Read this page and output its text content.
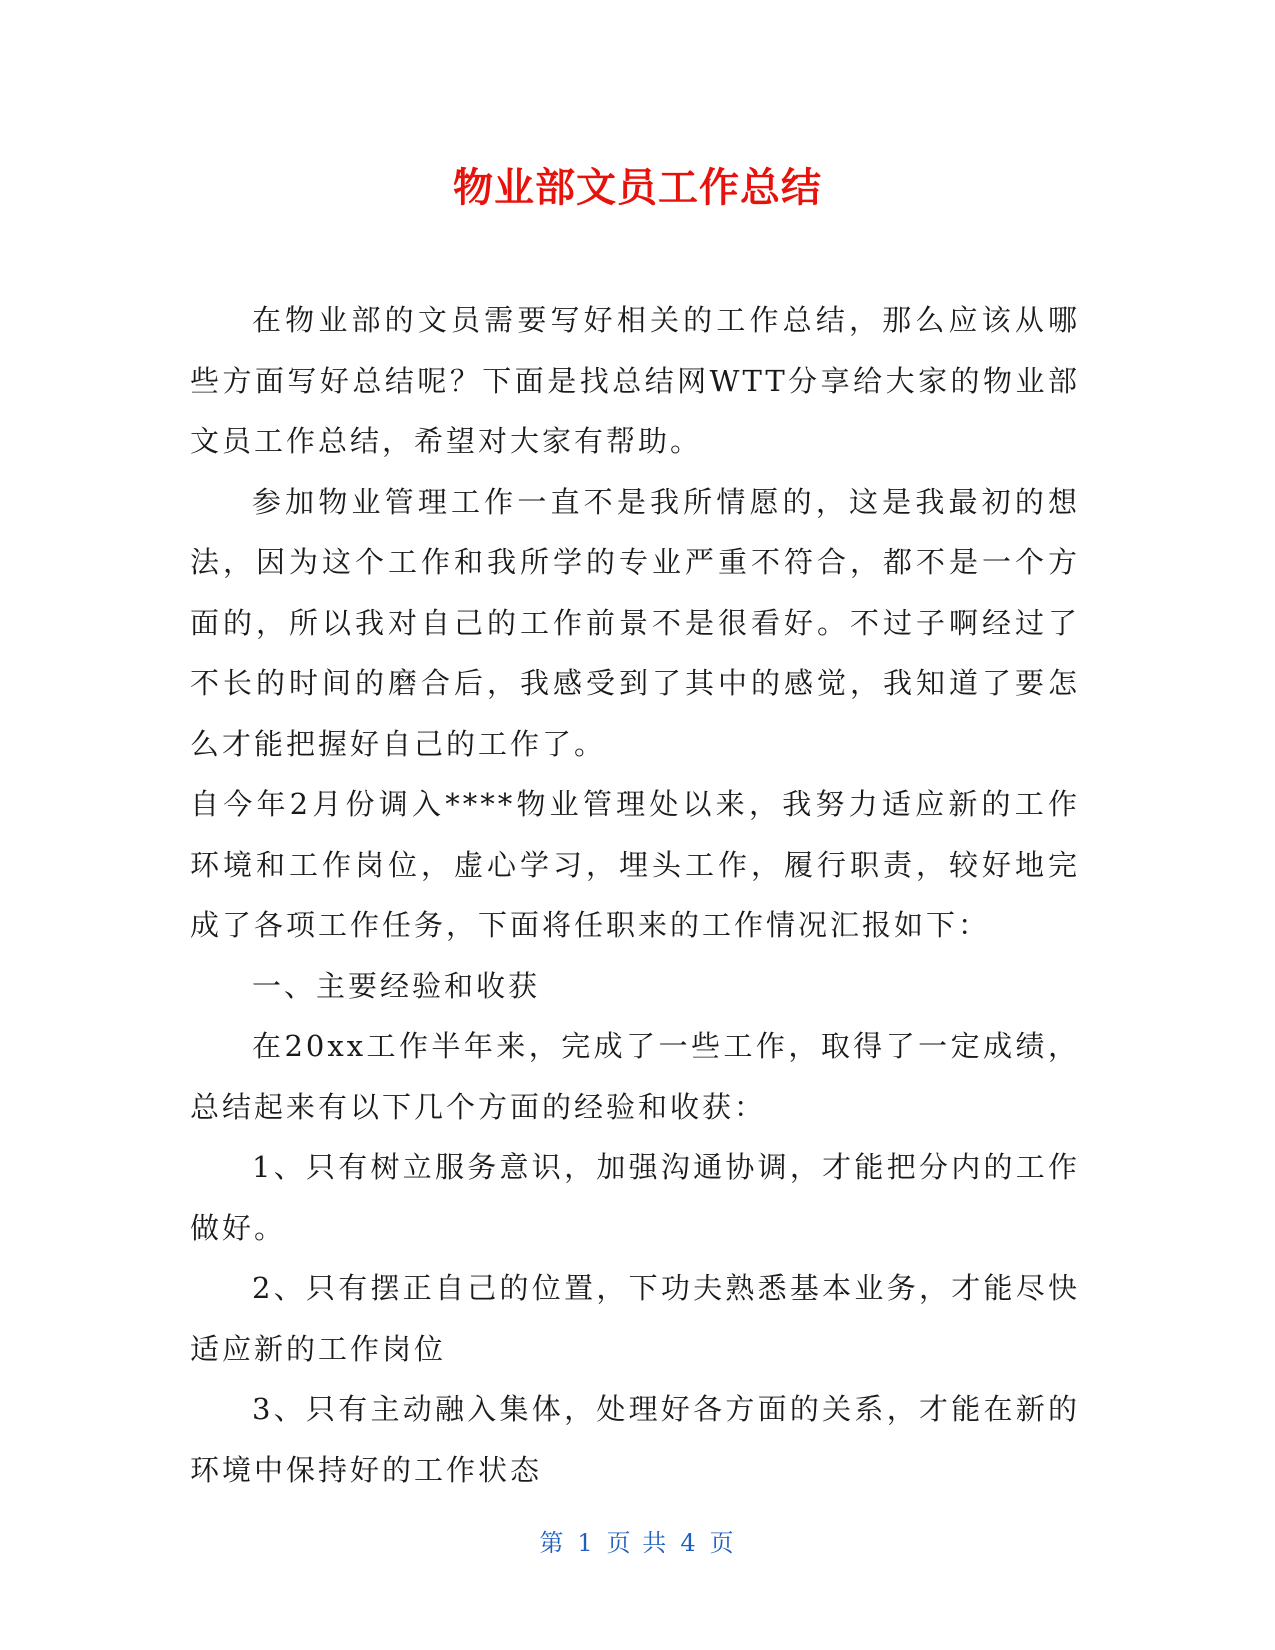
物业部文员工作总结

在物业部的文员需要写好相关的工作总结，那么应该从哪些方面写好总结呢？下面是找总结网WTT分享给大家的物业部文员工作总结，希望对大家有帮助。

参加物业管理工作一直不是我所情愿的，这是我最初的想法，因为这个工作和我所学的专业严重不符合，都不是一个方面的，所以我对自己的工作前景不是很看好。不过子啊经过了不长的时间的磨合后，我感受到了其中的感觉，我知道了要怎么才能把握好自己的工作了。

自今年2月份调入****物业管理处以来，我努力适应新的工作环境和工作岗位，虚心学习，埋头工作，履行职责，较好地完成了各项工作任务，下面将任职来的工作情况汇报如下：

一、主要经验和收获

在20xx工作半年来，完成了一些工作，取得了一定成绩，总结起来有以下几个方面的经验和收获：

1、只有树立服务意识，加强沟通协调，才能把分内的工作做好。

2、只有摆正自己的位置，下功夫熟悉基本业务，才能尽快适应新的工作岗位

3、只有主动融入集体，处理好各方面的关系，才能在新的环境中保持好的工作状态

第 1 页 共 4 页
